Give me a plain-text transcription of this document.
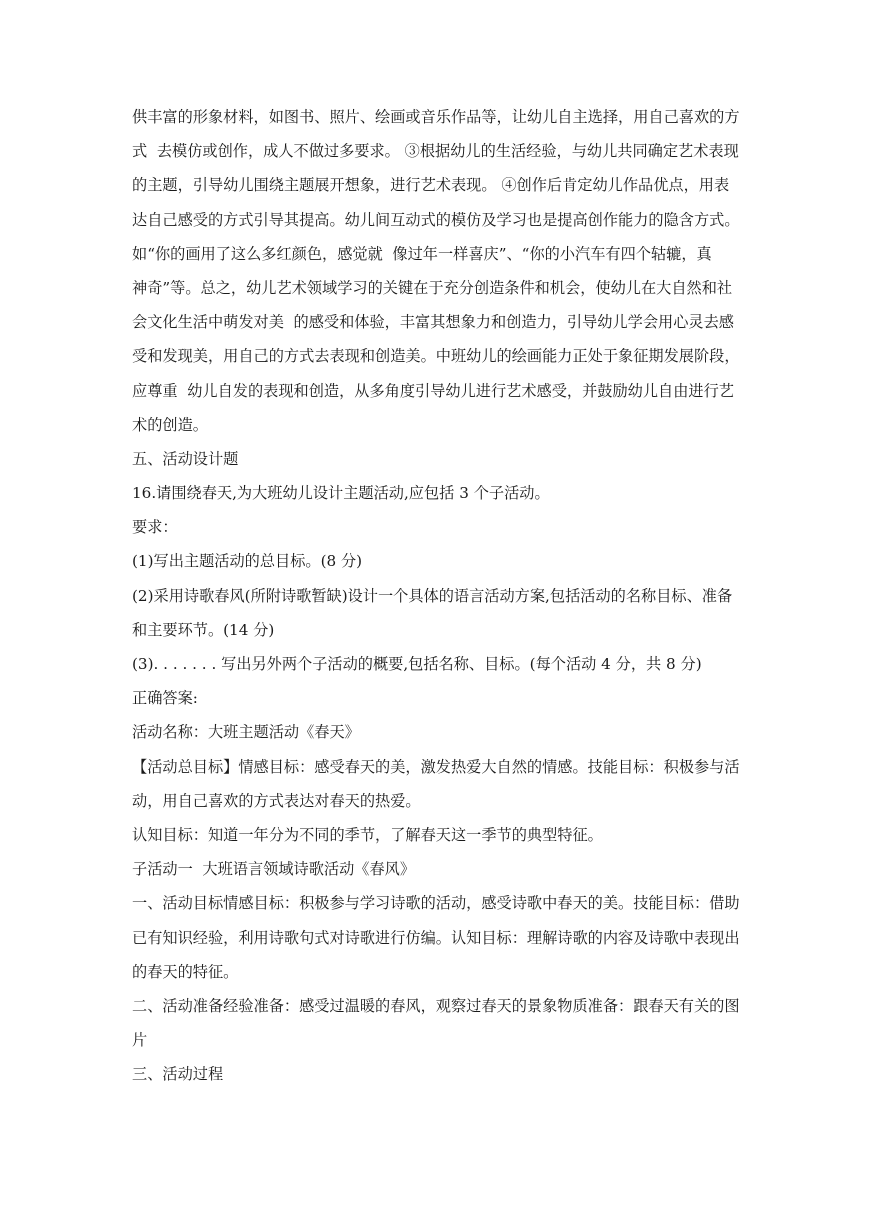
供丰富的形象材料，如图书、照片、绘画或音乐作品等，让幼儿自主选择，用自己喜欢的方
式  去模仿或创作，成人不做过多要求。 ③根据幼儿的生活经验，与幼儿共同确定艺术表现
的主题，引导幼儿围绕主题展开想象，进行艺术表现。 ④创作后肯定幼儿作品优点，用表
达自己感受的方式引导其提高。幼儿间互动式的模仿及学习也是提高创作能力的隐含方式。
如“你的画用了这么多红颜色，感觉就  像过年一样喜庆”、“你的小汽车有四个轱辘，真
神奇”等。总之，幼儿艺术领域学习的关键在于充分创造条件和机会，使幼儿在大自然和社
会文化生活中萌发对美  的感受和体验，丰富其想象力和创造力，引导幼儿学会用心灵去感
受和发现美，用自己的方式去表现和创造美。中班幼儿的绘画能力正处于象征期发展阶段，
应尊重  幼儿自发的表现和创造，从多角度引导幼儿进行艺术感受，并鼓励幼儿自由进行艺
术的创造。
五、活动设计题
16.请围绕春天,为大班幼儿设计主题活动,应包括 3 个子活动。
要求：
(1)写出主题活动的总目标。(8 分)
(2)采用诗歌春风(所附诗歌暂缺)设计一个具体的语言活动方案,包括活动的名称目标、准备
和主要环节。(14 分)
(3). . . . . . . 写出另外两个子活动的概要,包括名称、目标。(每个活动 4 分，共 8 分)
正确答案:
活动名称：大班主题活动《春天》
【活动总目标】情感目标：感受春天的美，激发热爱大自然的情感。技能目标：积极参与活
动，用自己喜欢的方式表达对春天的热爱。
认知目标：知道一年分为不同的季节，了解春天这一季节的典型特征。
子活动一  大班语言领域诗歌活动《春风》
一、活动目标情感目标：积极参与学习诗歌的活动，感受诗歌中春天的美。技能目标：借助
已有知识经验，利用诗歌句式对诗歌进行仿编。认知目标：理解诗歌的内容及诗歌中表现出
的春天的特征。
二、活动准备经验准备：感受过温暖的春风，观察过春天的景象物质准备：跟春天有关的图
片
三、活动过程
